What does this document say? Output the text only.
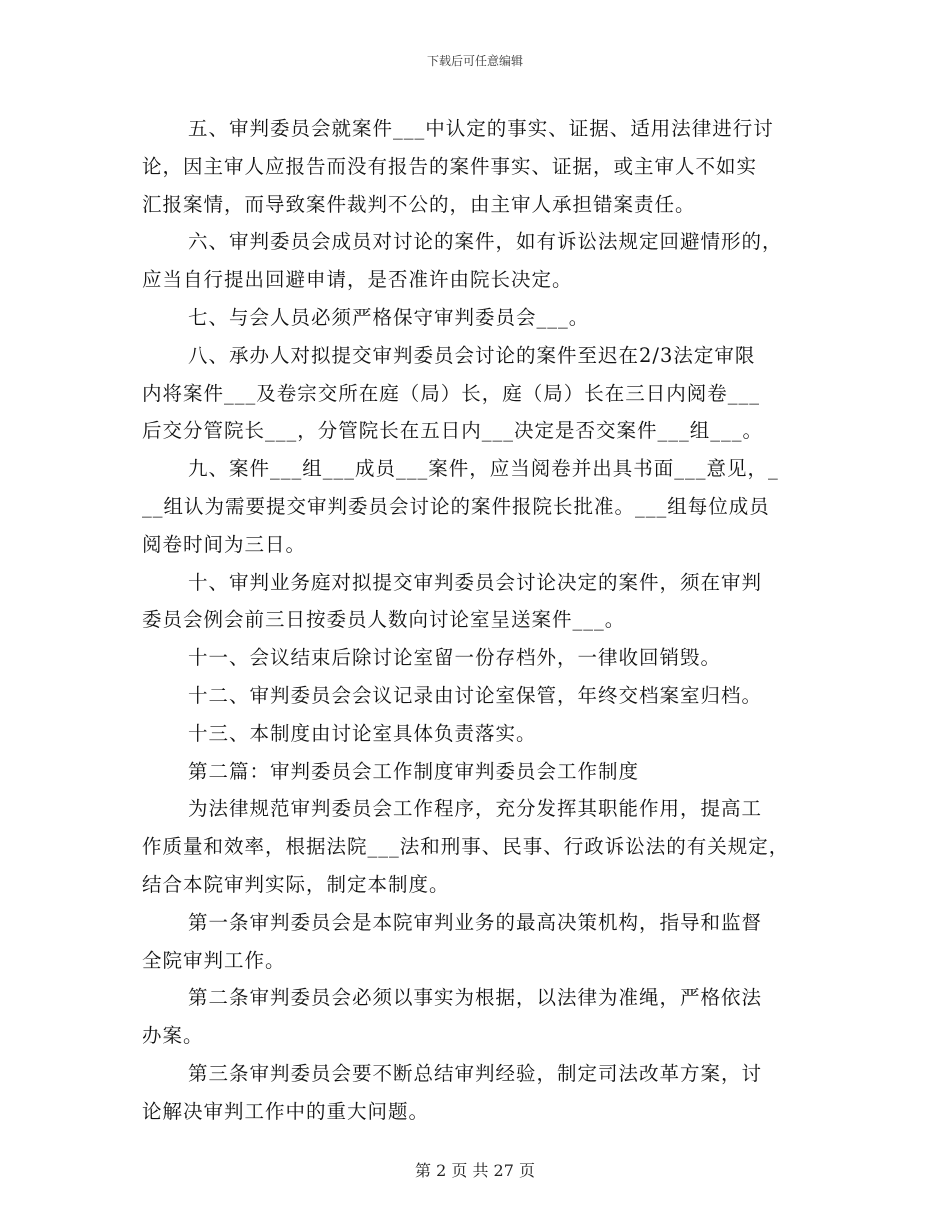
下载后可任意编辑
五、审判委员会就案件___中认定的事实、证据、适用法律进行讨
论，因主审人应报告而没有报告的案件事实、证据，或主审人不如实
汇报案情，而导致案件裁判不公的，由主审人承担错案责任。
六、审判委员会成员对讨论的案件，如有诉讼法规定回避情形的，
应当自行提出回避申请，是否准许由院长决定。
七、与会人员必须严格保守审判委员会___。
八、承办人对拟提交审判委员会讨论的案件至迟在2/3法定审限
内将案件___及卷宗交所在庭（局）长，庭（局）长在三日内阅卷___
后交分管院长___，分管院长在五日内___决定是否交案件___组___。
九、案件___组___成员___案件，应当阅卷并出具书面___意见，_
__组认为需要提交审判委员会讨论的案件报院长批准。___组每位成员
阅卷时间为三日。
十、审判业务庭对拟提交审判委员会讨论决定的案件，须在审判
委员会例会前三日按委员人数向讨论室呈送案件___。
十一、会议结束后除讨论室留一份存档外，一律收回销毁。
十二、审判委员会会议记录由讨论室保管，年终交档案室归档。
十三、本制度由讨论室具体负责落实。
第二篇：审判委员会工作制度审判委员会工作制度
为法律规范审判委员会工作程序，充分发挥其职能作用，提高工
作质量和效率，根据法院___法和刑事、民事、行政诉讼法的有关规定，
结合本院审判实际，制定本制度。
第一条审判委员会是本院审判业务的最高决策机构，指导和监督
全院审判工作。
第二条审判委员会必须以事实为根据，以法律为准绳，严格依法
办案。
第三条审判委员会要不断总结审判经验，制定司法改革方案，讨
论解决审判工作中的重大问题。
第 2 页 共 27 页
